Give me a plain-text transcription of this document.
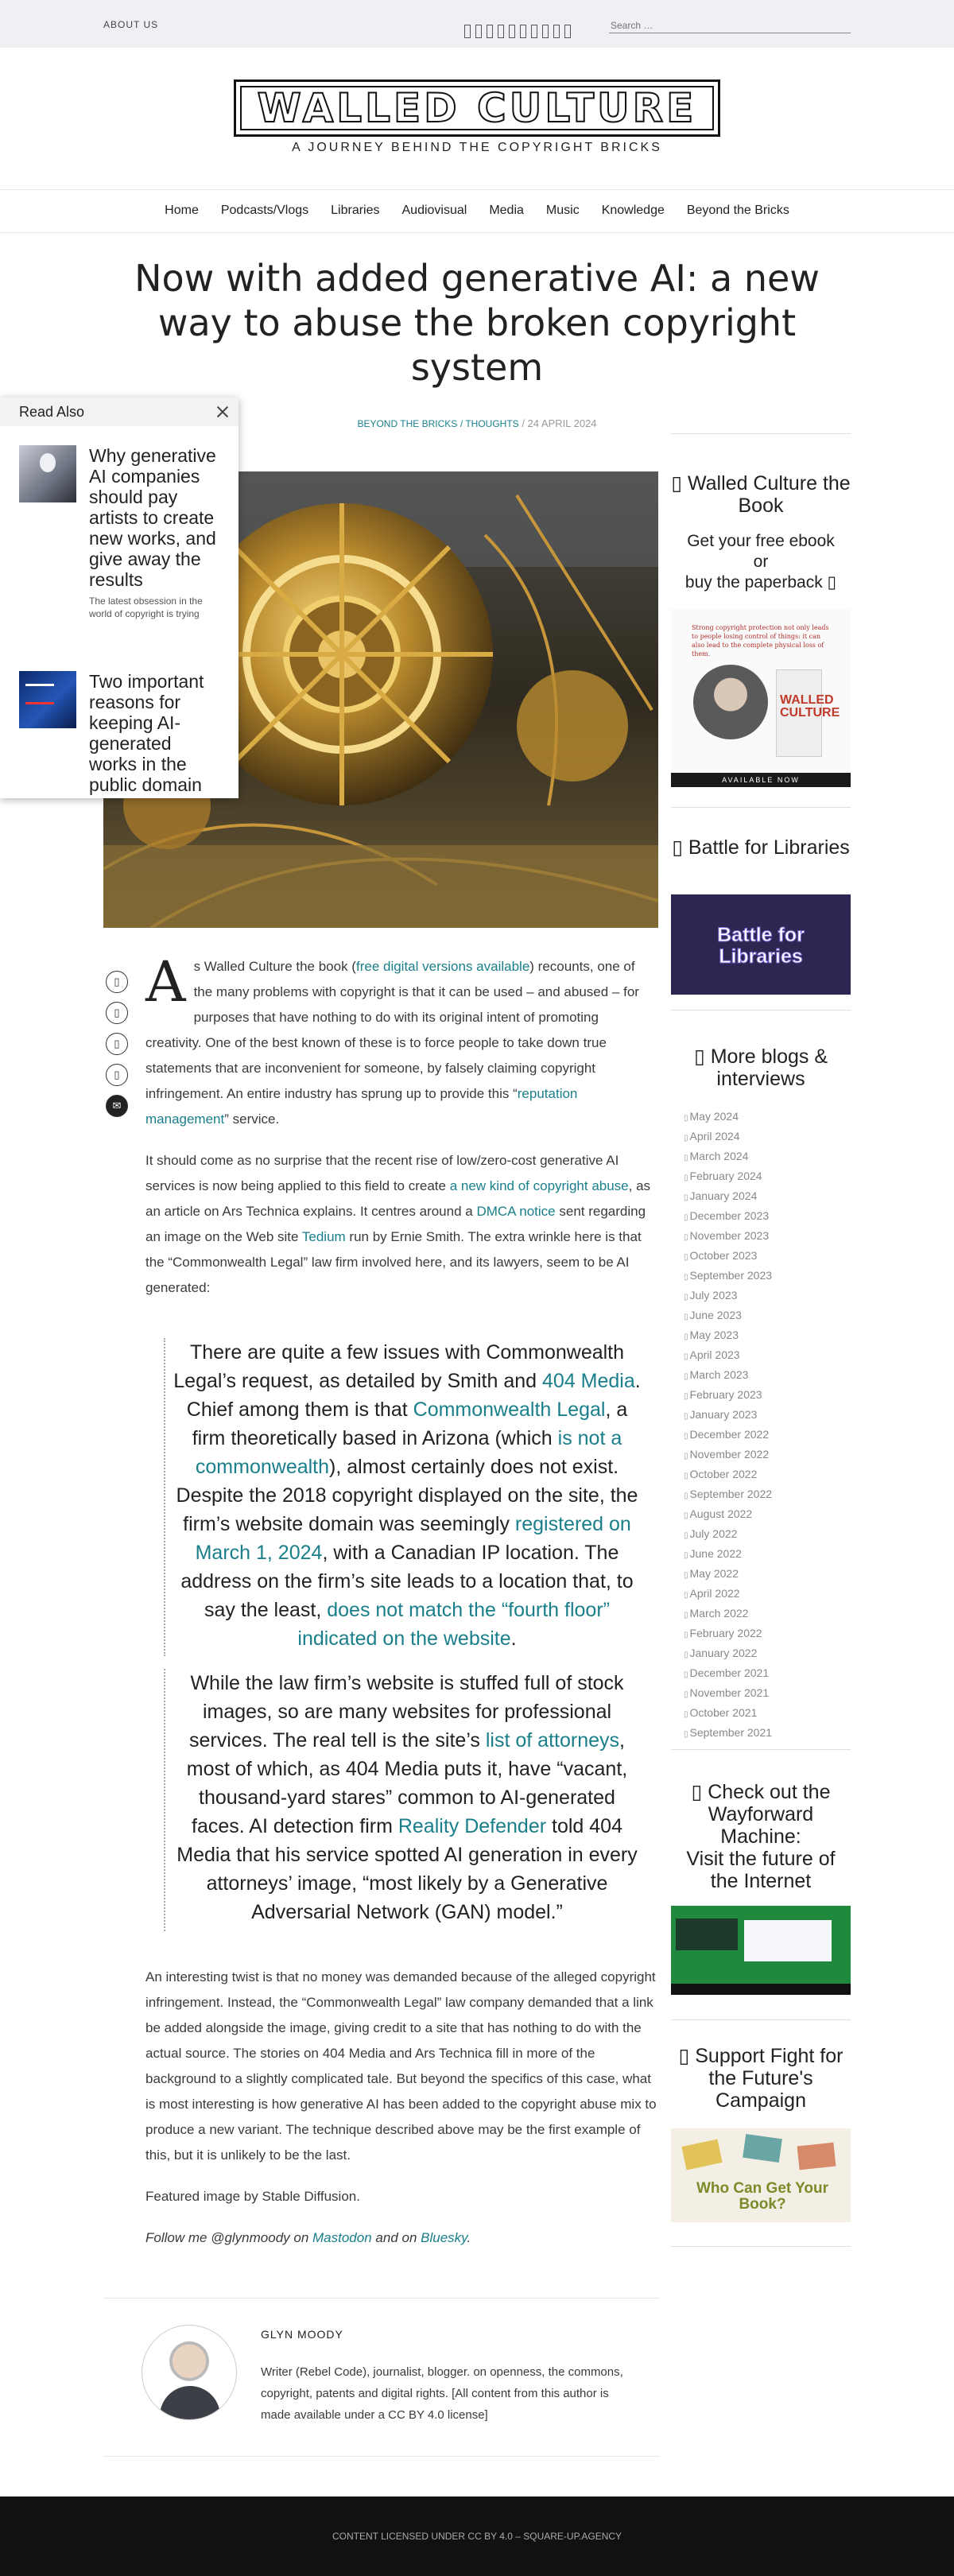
ABOUT US
Search …
WALLED CULTURE
A JOURNEY BEHIND THE COPYRIGHT BRICKS
Home	Podcasts/Vlogs	Libraries	Audiovisual	Media	Music	Knowledge	Beyond the Bricks
Now with added generative AI: a new way to abuse the broken copyright system
BEYOND THE BRICKS / THOUGHTS / 24 APRIL 2024
▯
▯
▯
▯
✉

As Walled Culture the book (free digital versions available) recounts, one of the many problems with copyright is that it can be used – and abused – for purposes that have nothing to do with its original intent of promoting creativity. One of the best known of these is to force people to take down true statements that are inconvenient for someone, by falsely claiming copyright infringement. An entire industry has sprung up to provide this “reputation management” service.

It should come as no surprise that the recent rise of low/zero-cost generative AI services is now being applied to this field to create a new kind of copyright abuse, as an article on Ars Technica explains. It centres around a DMCA notice sent regarding an image on the Web site Tedium run by Ernie Smith. The extra wrinkle here is that the “Commonwealth Legal” law firm involved here, and its lawyers, seem to be AI generated:

There are quite a few issues with Commonwealth Legal’s request, as detailed by Smith and 404 Media. Chief among them is that Commonwealth Legal, a firm theoretically based in Arizona (which is not a commonwealth), almost certainly does not exist. Despite the 2018 copyright displayed on the site, the firm’s website domain was seemingly registered on March 1, 2024, with a Canadian IP location. The address on the firm’s site leads to a location that, to say the least, does not match the “fourth floor” indicated on the website.
While the law firm’s website is stuffed full of stock images, so are many websites for professional services. The real tell is the site’s list of attorneys, most of which, as 404 Media puts it, have “vacant, thousand-yard stares” common to AI-generated faces. AI detection firm Reality Defender told 404 Media that his service spotted AI generation in every attorneys’ image, “most likely by a Generative Adversarial Network (GAN) model.”

An interesting twist is that no money was demanded because of the alleged copyright infringement. Instead, the “Commonwealth Legal” law company demanded that a link be added alongside the image, giving credit to a site that has nothing to do with the actual source. The stories on 404 Media and Ars Technica fill in more of the background to a slightly complicated tale. But beyond the specifics of this case, what is most interesting is how generative AI has been added to the copyright abuse mix to produce a new variant. The technique described above may be the first example of this, but it is unlikely to be the last.

Featured image by Stable Diffusion.

Follow me @glynmoody on Mastodon and on Bluesky.

GLYN MOODY
Writer (Rebel Code), journalist, blogger. on openness, the commons, copyright, patents and digital rights. [All content from this author is made available under a CC BY 4.0 license]
▯ Walled Culture the Book
Get your free ebook
or
buy the paperback ▯
Strong copyright protection not only leads to people losing control of things: it can also lead to the complete physical loss of them.
WALLED CULTURE
AVAILABLE NOW
▯ Battle for Libraries
Battle for Libraries
▯ More blogs & interviews
▯ May 2024
▯ April 2024
▯ March 2024
▯ February 2024
▯ January 2024
▯ December 2023
▯ November 2023
▯ October 2023
▯ September 2023
▯ July 2023
▯ June 2023
▯ May 2023
▯ April 2023
▯ March 2023
▯ February 2023
▯ January 2023
▯ December 2022
▯ November 2022
▯ October 2022
▯ September 2022
▯ August 2022
▯ July 2022
▯ June 2022
▯ May 2022
▯ April 2022
▯ March 2022
▯ February 2022
▯ January 2022
▯ December 2021
▯ November 2021
▯ October 2021
▯ September 2021
▯ Check out the Wayforward Machine:
Visit the future of the Internet
▯ Support Fight for the Future's Campaign
Who Can Get Your Book?
Read Also
Why generative AI companies should pay artists to create new works, and give away the results
The latest obsession in the world of copyright is trying
Two important reasons for keeping AI-generated works in the public domain
CONTENT LICENSED UNDER CC BY 4.0 – SQUARE-UP.AGENCY
